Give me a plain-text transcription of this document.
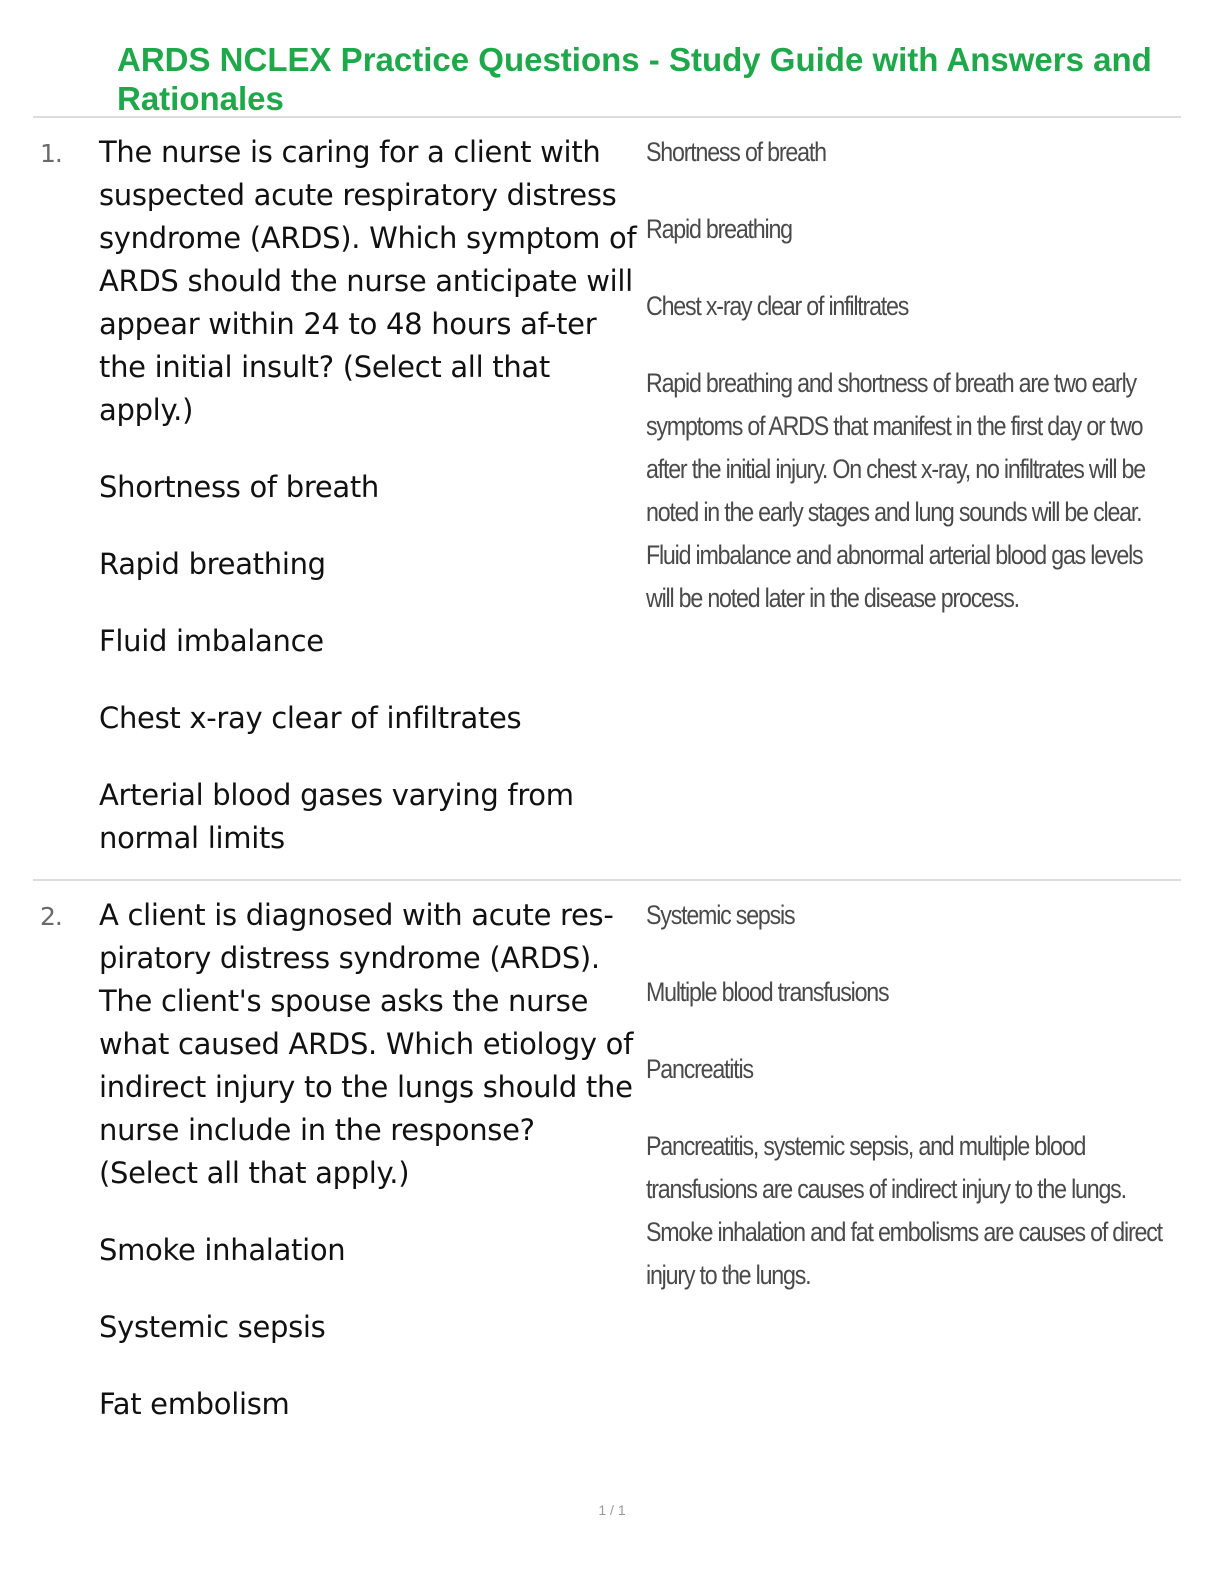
ARDS NCLEX Practice Questions - Study Guide with Answers and Rationales
1. The nurse is caring for a client with suspected acute respiratory distress syndrome (ARDS). Which symptom of ARDS should the nurse anticipate will appear within 24 to 48 hours af-ter the initial insult? (Select all that apply.)

Shortness of breath

Rapid breathing

Fluid imbalance

Chest x-ray clear of infiltrates

Arterial blood gases varying from normal limits

Shortness of breath

Rapid breathing

Chest x-ray clear of infiltrates

Rapid breathing and shortness of breath are two early symptoms of ARDS that manifest in the first day or two after the initial injury. On chest x-ray, no infiltrates will be noted in the early stages and lung sounds will be clear. Fluid imbalance and abnormal arterial blood gas levels will be noted later in the disease process.

2. A client is diagnosed with acute res-piratory distress syndrome (ARDS). The client's spouse asks the nurse what caused ARDS. Which etiology of indirect injury to the lungs should the nurse include in the response? (Select all that apply.)

Smoke inhalation

Systemic sepsis

Fat embolism

Systemic sepsis

Multiple blood transfusions

Pancreatitis

Pancreatitis, systemic sepsis, and multiple blood transfusions are causes of indirect injury to the lungs. Smoke inhalation and fat embolisms are causes of direct injury to the lungs.

1 / 1
